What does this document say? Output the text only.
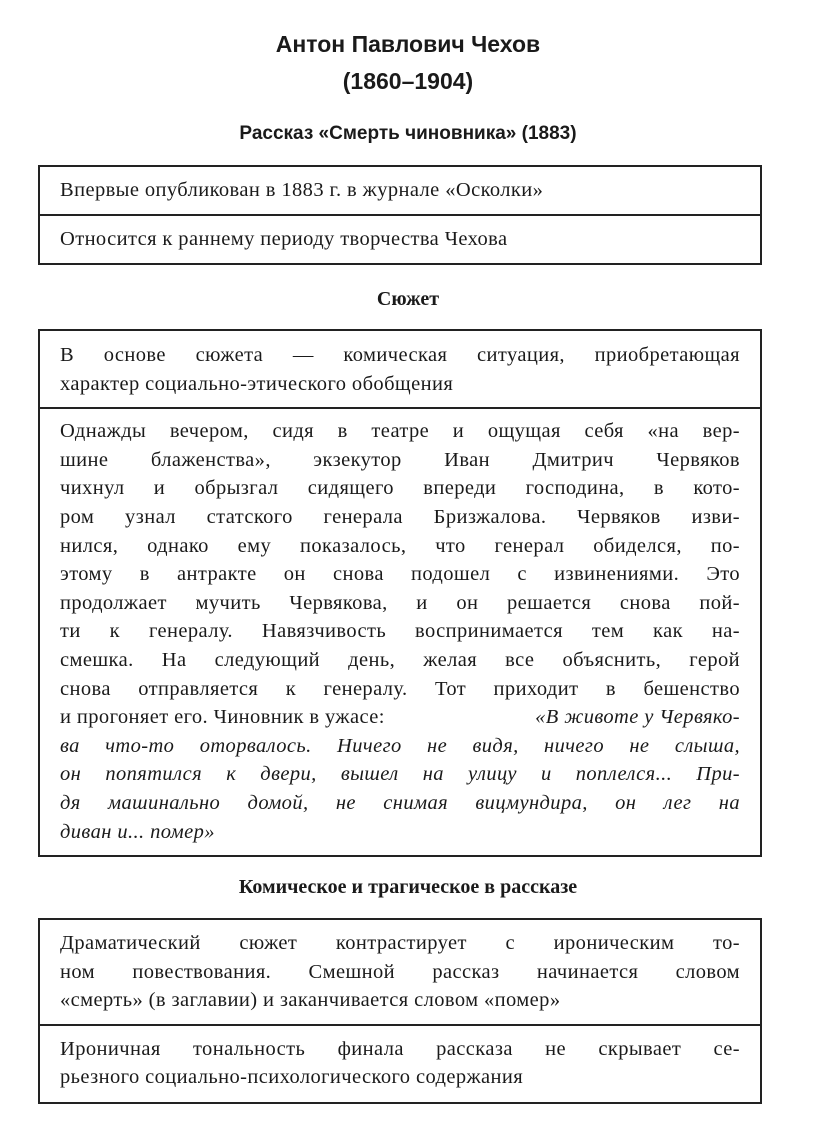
Антон Павлович Чехов
(1860–1904)
Рассказ «Смерть чиновника» (1883)
Впервые опубликован в 1883 г. в журнале «Осколки»
Относится к раннему периоду творчества Чехова
Сюжет
В основе сюжета — комическая ситуация, приобретающая
характер социально-этического обобщения
Однажды вечером, сидя в театре и ощущая себя «на вер-
шине блаженства», экзекутор Иван Дмитрич Червяков
чихнул и обрызгал сидящего впереди господина, в кото-
ром узнал статского генерала Бризжалова. Червяков изви-
нился, однако ему показалось, что генерал обиделся, по-
этому в антракте он снова подошел с извинениями. Это
продолжает мучить Червякова, и он решается снова пой-
ти к генералу. Навязчивость воспринимается тем как на-
смешка. На следующий день, желая все объяснить, герой
снова отправляется к генералу. Тот приходит в бешенство
и прогоняет его. Чиновник в ужасе:	«В животе у Червяко-
ва что-то оторвалось. Ничего не видя, ничего не слыша,
он попятился к двери, вышел на улицу и поплелся... При-
дя машинально домой, не снимая вицмундира, он лег на
диван и... помер»
Комическое и трагическое в рассказе
Драматический сюжет контрастирует с ироническим то-
ном повествования. Смешной рассказ начинается словом
«смерть» (в заглавии) и заканчивается словом «помер»
Ироничная тональность финала рассказа не скрывает се-
рьезного социально-психологического содержания
